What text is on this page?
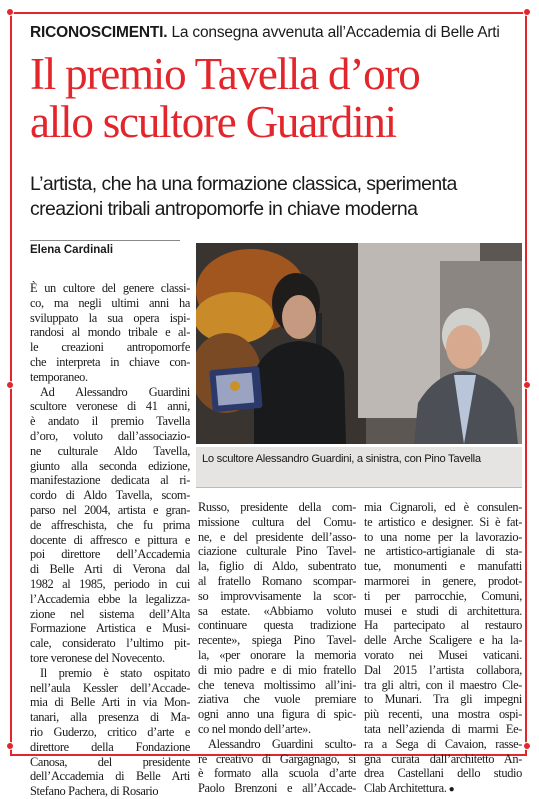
RICONOSCIMENTI. La consegna avvenuta all’Accademia di Belle Arti
Il premio Tavella d’oro
allo scultore Guardini
L’artista, che ha una formazione classica, sperimenta
creazioni tribali antropomorfe in chiave moderna
Elena Cardinali
È un cultore del genere classi-
co, ma negli ultimi anni ha
sviluppato la sua opera ispi-
randosi al mondo tribale e al-
le creazioni antropomorfe
che interpreta in chiave con-
temporaneo.
Ad Alessandro Guardini
scultore veronese di 41 anni,
è andato il premio Tavella
d’oro, voluto dall’associazio-
ne culturale Aldo Tavella,
giunto alla seconda edizione,
manifestazione dedicata al ri-
cordo di Aldo Tavella, scom-
parso nel 2004, artista e gran-
de affreschista, che fu prima
docente di affresco e pittura e
poi direttore dell’Accademia
di Belle Arti di Verona dal
1982 al 1985, periodo in cui
l’Accademia ebbe la legalizza-
zione nel sistema dell’Alta
Formazione Artistica e Musi-
cale, considerato l’ultimo pit-
tore veronese del Novecento.
Il premio è stato ospitato
nell’aula Kessler dell’Accade-
mia di Belle Arti in via Mon-
tanari, alla presenza di Ma-
rio Guderzo, critico d’arte e
direttore della Fondazione
Canosa, del presidente
dell’Accademia di Belle Arti
Stefano Pachera, di Rosario
Russo, presidente della com-
missione cultura del Comu-
ne, e del presidente dell’asso-
ciazione culturale Pino Tavel-
la, figlio di Aldo, subentrato
al fratello Romano scompar-
so improvvisamente la scor-
sa estate. «Abbiamo voluto
continuare questa tradizione
recente», spiega Pino Tavel-
la, «per onorare la memoria
di mio padre e di mio fratello
che teneva moltissimo all’ini-
ziativa che vuole premiare
ogni anno una figura di spic-
co nel mondo dell’arte».
Alessandro Guardini sculto-
re creativo di Gargagnago, si
è formato alla scuola d’arte
Paolo Brenzoni e all’Accade-
mia Cignaroli, ed è consulen-
te artistico e designer. Si è fat-
to una nome per la lavorazio-
ne artistico-artigianale di sta-
tue, monumenti e manufatti
marmorei in genere, prodot-
ti per parrocchie, Comuni,
musei e studi di architettura.
Ha partecipato al restauro
delle Arche Scaligere e ha la-
vorato nei Musei vaticani.
Dal 2015 l’artista collabora,
tra gli altri, con il maestro Cle-
to Munari. Tra gli impegni
più recenti, una mostra ospi-
tata nell’azienda di marmi Ee-
ra a Sega di Cavaion, rasse-
gna curata dall’architetto An-
drea Castellani dello studio
Clab Architettura. ●
Lo scultore Alessandro Guardini, a sinistra, con Pino Tavella
